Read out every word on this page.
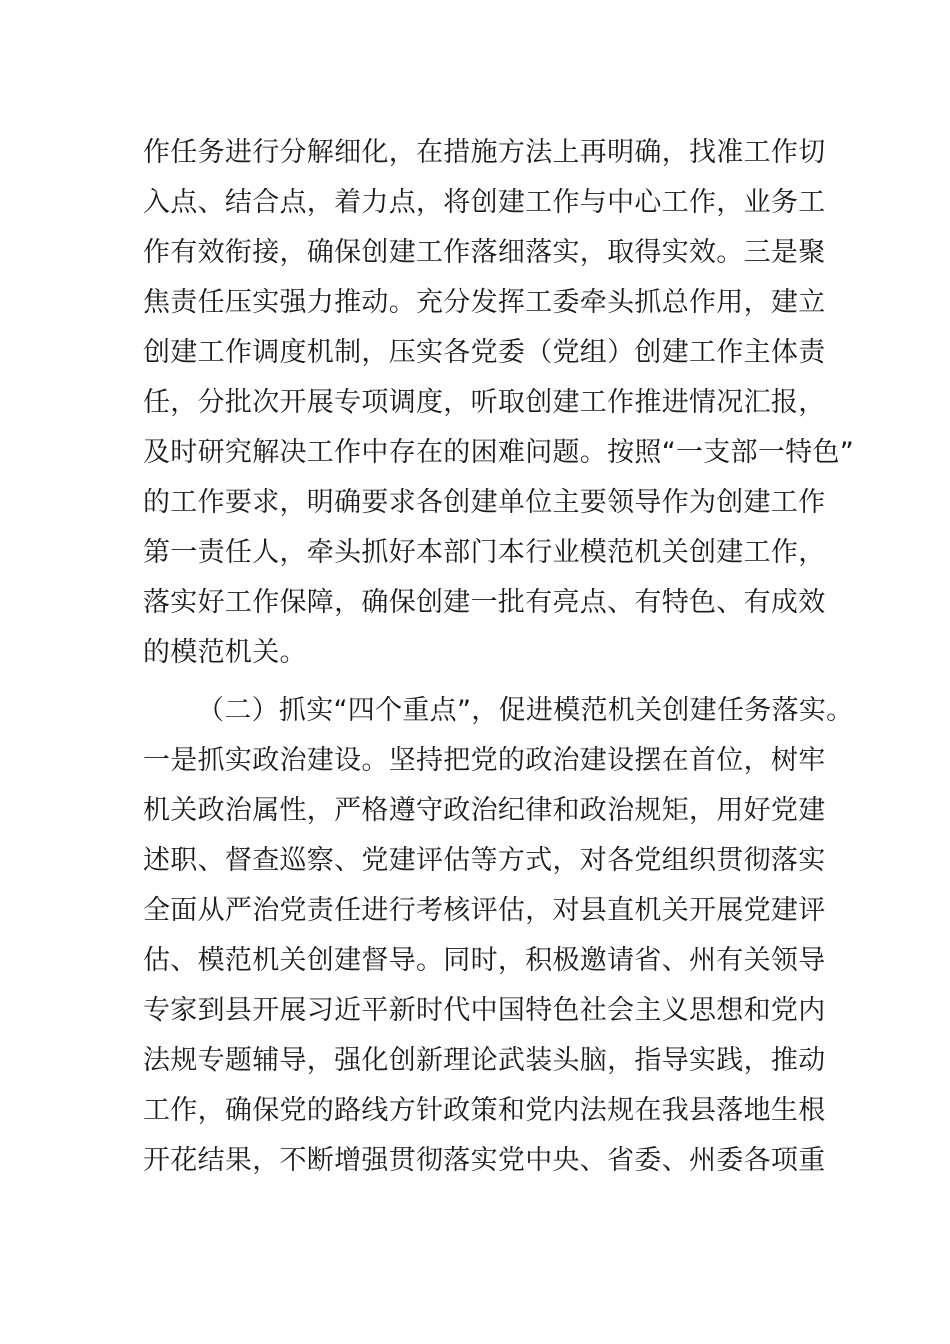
作任务进行分解细化，在措施方法上再明确，找准工作切
入点、结合点，着力点，将创建工作与中心工作，业务工
作有效衔接，确保创建工作落细落实，取得实效。三是聚
焦责任压实强力推动。充分发挥工委牵头抓总作用，建立
创建工作调度机制，压实各党委（党组）创建工作主体责
任，分批次开展专项调度，听取创建工作推进情况汇报，
及时研究解决工作中存在的困难问题。按照“一支部一特色”
的工作要求，明确要求各创建单位主要领导作为创建工作
第一责任人，牵头抓好本部门本行业模范机关创建工作，
落实好工作保障，确保创建一批有亮点、有特色、有成效
的模范机关。
（二）抓实“四个重点”，促进模范机关创建任务落实。
一是抓实政治建设。坚持把党的政治建设摆在首位，树牢
机关政治属性，严格遵守政治纪律和政治规矩，用好党建
述职、督查巡察、党建评估等方式，对各党组织贯彻落实
全面从严治党责任进行考核评估，对县直机关开展党建评
估、模范机关创建督导。同时，积极邀请省、州有关领导
专家到县开展习近平新时代中国特色社会主义思想和党内
法规专题辅导，强化创新理论武装头脑，指导实践，推动
工作，确保党的路线方针政策和党内法规在我县落地生根
开花结果，不断增强贯彻落实党中央、省委、州委各项重
